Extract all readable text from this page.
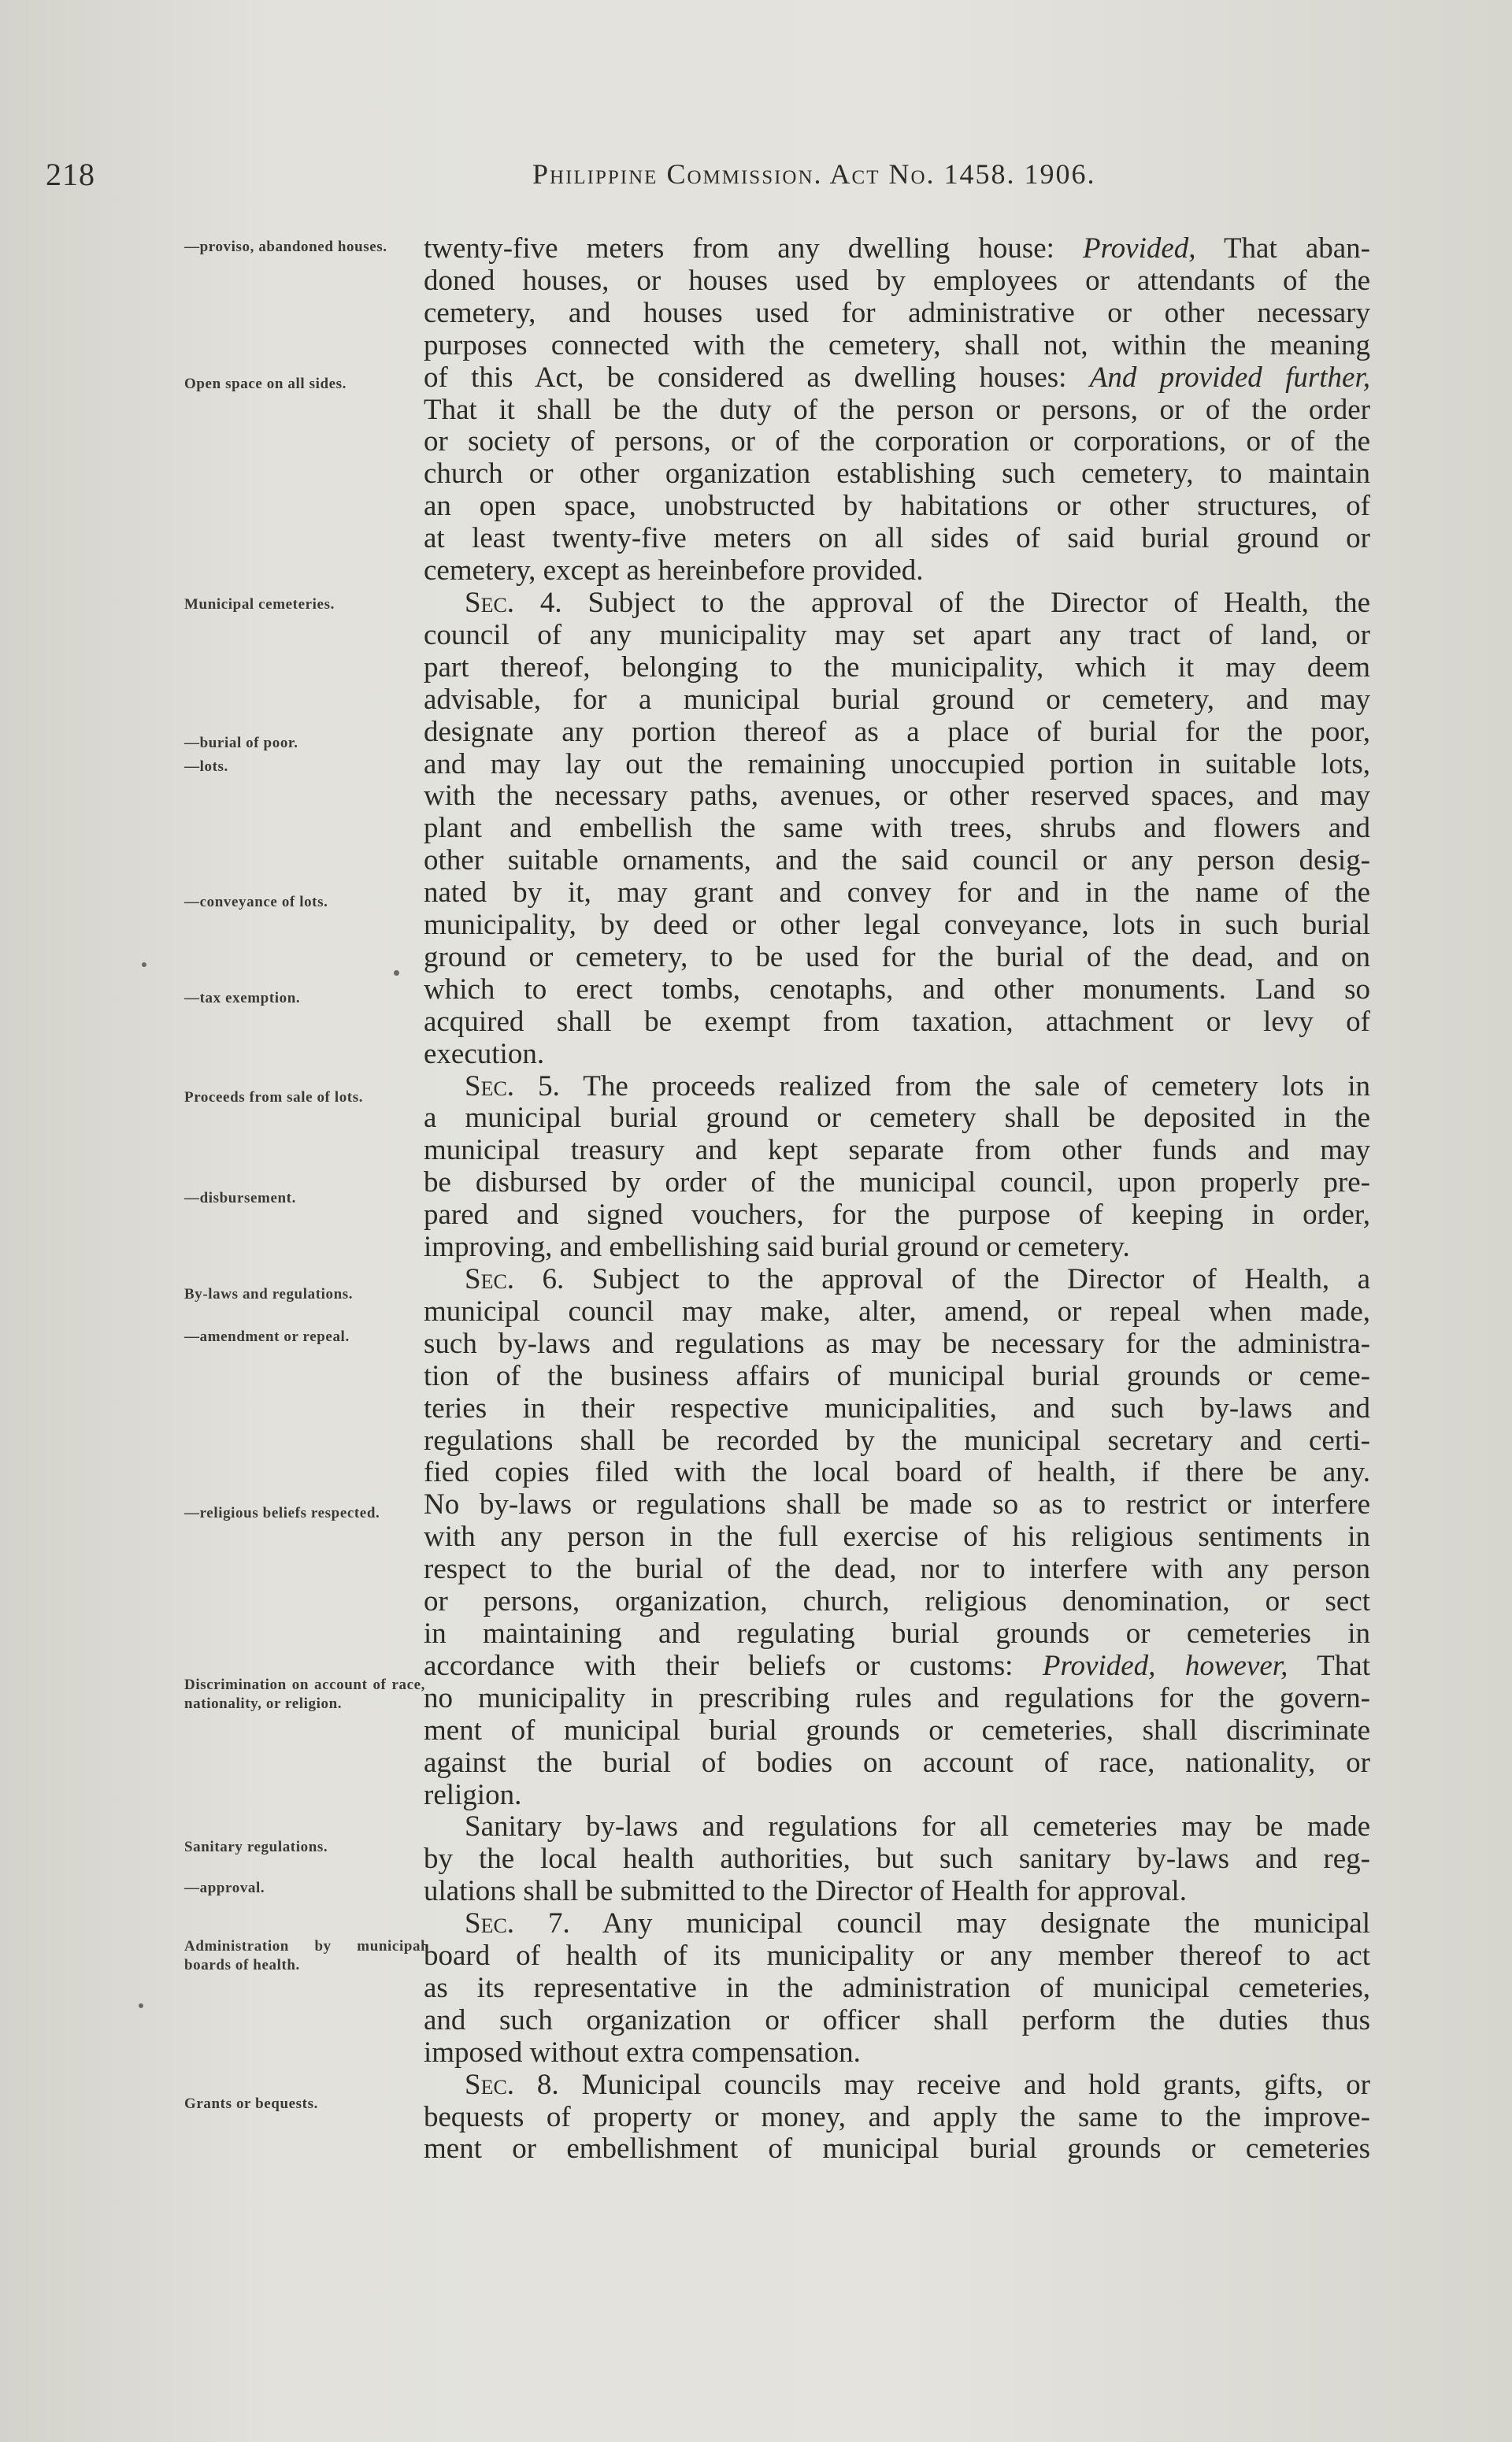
218	Philippine Commission. Act No. 1458. 1906.
—proviso, abandoned houses.
Open space on all sides.
Municipal cemeteries.
—burial of poor.
—lots.
—conveyance of lots.
—tax exemption.
Proceeds from sale of lots.
—disbursement.
By-laws and regulations.
—amendment or repeal.
—religious beliefs respected.
Discrimination on account of race, nationality, or religion.
Sanitary regulations.
—approval.
Administration by municipal boards of health.
Grants or bequests.
twenty-five meters from any dwelling house: Provided, That aban-
doned houses, or houses used by employees or attendants of the
cemetery, and houses used for administrative or other necessary
purposes connected with the cemetery, shall not, within the meaning
of this Act, be considered as dwelling houses: And provided further,
That it shall be the duty of the person or persons, or of the order
or society of persons, or of the corporation or corporations, or of the
church or other organization establishing such cemetery, to maintain
an open space, unobstructed by habitations or other structures, of
at least twenty-five meters on all sides of said burial ground or
cemetery, except as hereinbefore provided.
Sec. 4. Subject to the approval of the Director of Health, the
council of any municipality may set apart any tract of land, or
part thereof, belonging to the municipality, which it may deem
advisable, for a municipal burial ground or cemetery, and may
designate any portion thereof as a place of burial for the poor,
and may lay out the remaining unoccupied portion in suitable lots,
with the necessary paths, avenues, or other reserved spaces, and may
plant and embellish the same with trees, shrubs and flowers and
other suitable ornaments, and the said council or any person desig-
nated by it, may grant and convey for and in the name of the
municipality, by deed or other legal conveyance, lots in such burial
ground or cemetery, to be used for the burial of the dead, and on
which to erect tombs, cenotaphs, and other monuments. Land so
acquired shall be exempt from taxation, attachment or levy of
execution.
Sec. 5. The proceeds realized from the sale of cemetery lots in
a municipal burial ground or cemetery shall be deposited in the
municipal treasury and kept separate from other funds and may
be disbursed by order of the municipal council, upon properly pre-
pared and signed vouchers, for the purpose of keeping in order,
improving, and embellishing said burial ground or cemetery.
Sec. 6. Subject to the approval of the Director of Health, a
municipal council may make, alter, amend, or repeal when made,
such by-laws and regulations as may be necessary for the administra-
tion of the business affairs of municipal burial grounds or ceme-
teries in their respective municipalities, and such by-laws and
regulations shall be recorded by the municipal secretary and certi-
fied copies filed with the local board of health, if there be any.
No by-laws or regulations shall be made so as to restrict or interfere
with any person in the full exercise of his religious sentiments in
respect to the burial of the dead, nor to interfere with any person
or persons, organization, church, religious denomination, or sect
in maintaining and regulating burial grounds or cemeteries in
accordance with their beliefs or customs: Provided, however, That
no municipality in prescribing rules and regulations for the govern-
ment of municipal burial grounds or cemeteries, shall discriminate
against the burial of bodies on account of race, nationality, or
religion.
Sanitary by-laws and regulations for all cemeteries may be made
by the local health authorities, but such sanitary by-laws and reg-
ulations shall be submitted to the Director of Health for approval.
Sec. 7. Any municipal council may designate the municipal
board of health of its municipality or any member thereof to act
as its representative in the administration of municipal cemeteries,
and such organization or officer shall perform the duties thus
imposed without extra compensation.
Sec. 8. Municipal councils may receive and hold grants, gifts, or
bequests of property or money, and apply the same to the improve-
ment or embellishment of municipal burial grounds or cemeteries
